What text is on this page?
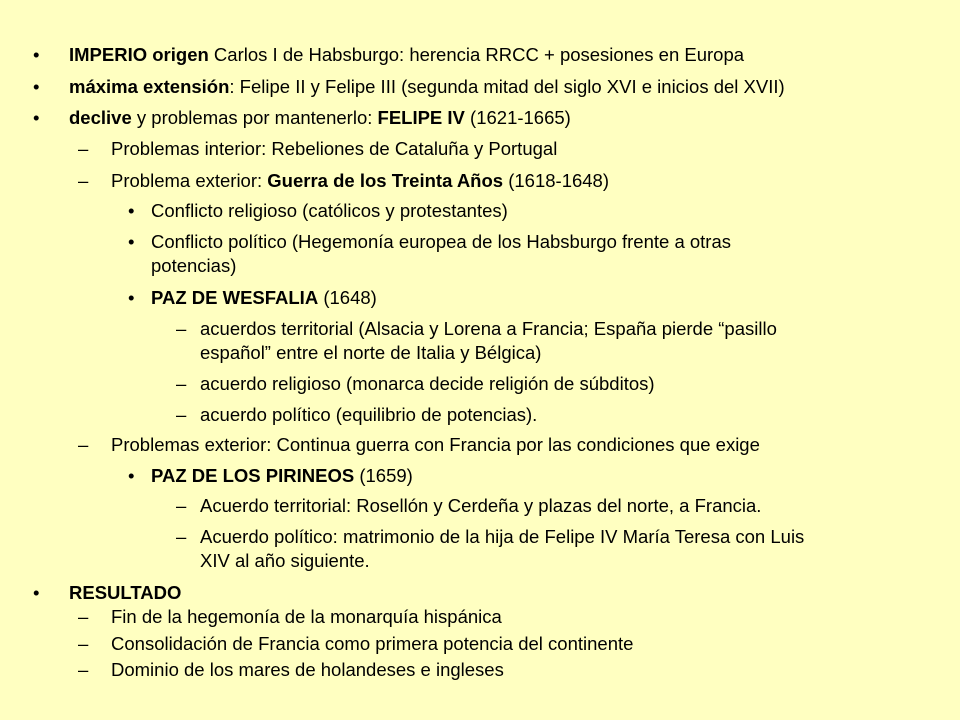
• IMPERIO origen Carlos I de Habsburgo: herencia RRCC + posesiones en Europa
• máxima extensión: Felipe II y Felipe III (segunda mitad del siglo XVI e inicios del XVII)
• declive y problemas por mantenerlo: FELIPE IV (1621-1665)
– Problemas interior: Rebeliones de Cataluña y Portugal
– Problema exterior: Guerra de los Treinta Años (1618-1648)
• Conflicto religioso (católicos y protestantes)
• Conflicto político (Hegemonía europea de los Habsburgo frente a otras
potencias)
• PAZ DE WESFALIA (1648)
– acuerdos territorial (Alsacia y Lorena a Francia; España pierde “pasillo
español” entre el norte de Italia y Bélgica)
– acuerdo religioso (monarca decide religión de súbditos)
– acuerdo político (equilibrio de potencias).
– Problemas exterior: Continua guerra con Francia por las condiciones que exige
• PAZ DE LOS PIRINEOS (1659)
– Acuerdo territorial: Rosellón y Cerdeña y plazas del norte, a Francia.
– Acuerdo político: matrimonio de la hija de Felipe IV María Teresa con Luis
XIV al año siguiente.
• RESULTADO
– Fin de la hegemonía de la monarquía hispánica
– Consolidación de Francia como primera potencia del continente
– Dominio de los mares de holandeses e ingleses
